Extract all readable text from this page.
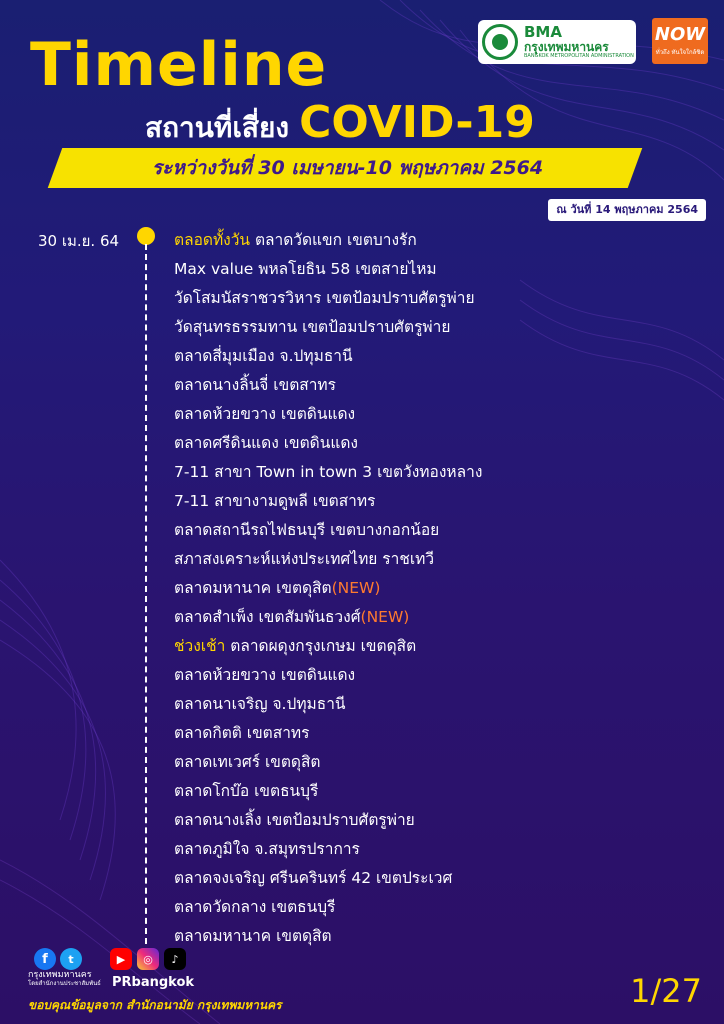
Timeline
สถานที่เสี่ยง COVID-19
ระหว่างวันที่ 30 เมษายน-10 พฤษภาคม 2564
ณ วันที่ 14 พฤษภาคม 2564
BMA
กรุงเทพมหานคร
BANGKOK METROPOLITAN ADMINISTRATION
NOW
ทั่วถึง ทันใจใกล้ชิด
30 เม.ย. 64	ตลอดทั้งวัน ตลาดวัดแขก เขตบางรัก
Max value พหลโยธิน 58 เขตสายไหม
วัดโสมนัสราชวรวิหาร เขตป้อมปราบศัตรูพ่าย
วัดสุนทรธรรมทาน เขตป้อมปราบศัตรูพ่าย
ตลาดสี่มุมเมือง จ.ปทุมธานี
ตลาดนางลิ้นจี่ เขตสาทร
ตลาดห้วยขวาง เขตดินแดง
ตลาดศรีดินแดง เขตดินแดง
7-11 สาขา Town in town 3 เขตวังทองหลาง
7-11 สาขางามดูพลี เขตสาทร
ตลาดสถานีรถไฟธนบุรี เขตบางกอกน้อย
สภาสงเคราะห์แห่งประเทศไทย ราชเทวี
ตลาดมหานาค เขตดุสิต(NEW)
ตลาดสำเพ็ง เขตสัมพันธวงศ์(NEW)
ช่วงเช้า ตลาดผดุงกรุงเกษม เขตดุสิต
ตลาดห้วยขวาง เขตดินแดง
ตลาดนาเจริญ จ.ปทุมธานี
ตลาดกิตติ เขตสาทร
ตลาดเทเวศร์ เขตดุสิต
ตลาดโกบ๊อ เขตธนบุรี
ตลาดนางเลิ้ง เขตป้อมปราบศัตรูพ่าย
ตลาดภูมิใจ จ.สมุทรปราการ
ตลาดจงเจริญ ศรีนครินทร์ 42 เขตประเวศ
ตลาดวัดกลาง เขตธนบุรี
ตลาดมหานาค เขตดุสิต
f	t
กรุงเทพมหานคร
โดยสำนักงานประชาสัมพันธ์
▶	◎	♪
PRbangkok
ขอบคุณข้อมูลจาก สำนักอนามัย กรุงเทพมหานคร	1/27
